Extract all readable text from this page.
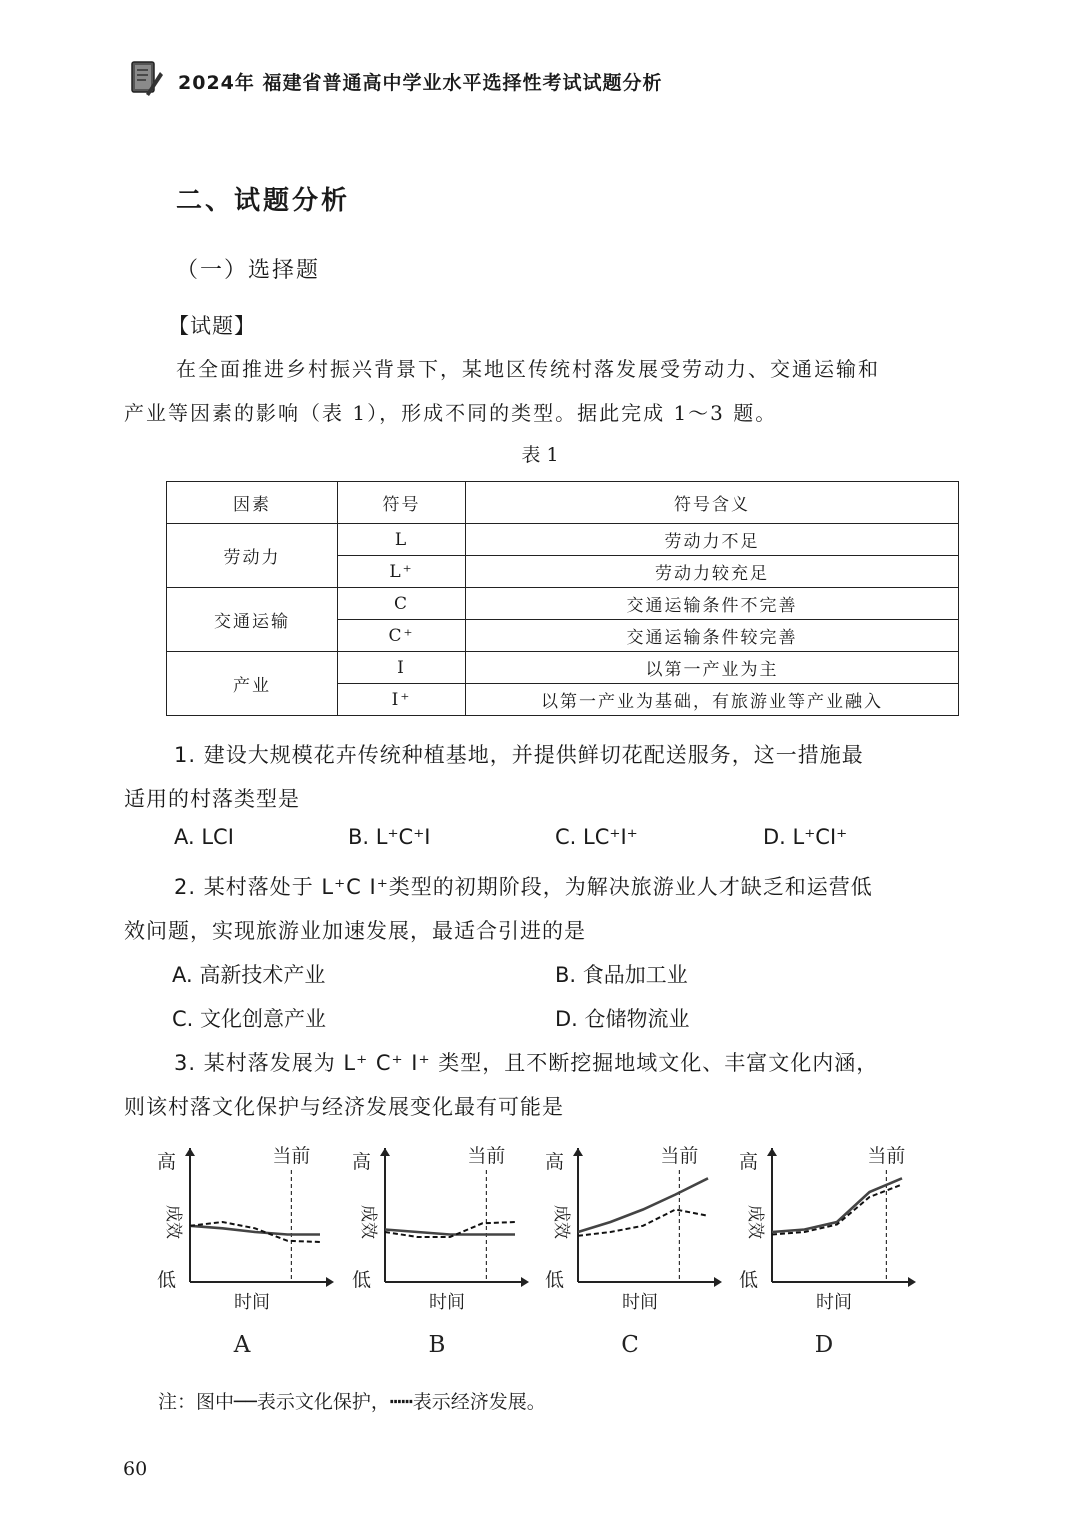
2024年 福建省普通高中学业水平选择性考试试题分析
二、试题分析
（一）选择题
【试题】
在全面推进乡村振兴背景下，某地区传统村落发展受劳动力、交通运输和
产业等因素的影响（表 1），形成不同的类型。据此完成 1～3 题。
表 1
因素	符号	符号含义
劳动力	L	劳动力不足
	L⁺	劳动力较充足
交通运输	C	交通运输条件不完善
	C⁺	交通运输条件较完善
产业	I	以第一产业为主
	I⁺	以第一产业为基础，有旅游业等产业融入
1. 建设大规模花卉传统种植基地，并提供鲜切花配送服务，这一措施最
适用的村落类型是
A. LCI	B. L⁺C⁺I	C. LC⁺I⁺	D. L⁺CI⁺
2. 某村落处于 L⁺C I⁺类型的初期阶段，为解决旅游业人才缺乏和运营低
效问题，实现旅游业加速发展，最适合引进的是
A. 高新技术产业	B. 食品加工业
C. 文化创意产业	D. 仓储物流业
3. 某村落发展为 L⁺ C⁺ I⁺ 类型，且不断挖掘地域文化、丰富文化内涵，
则该村落文化保护与经济发展变化最有可能是
当前
高
低
成效
时间
A
当前
高
低
成效
时间
B
当前
高
低
成效
时间
C
当前
高
低
成效
时间
D
注：图中──表示文化保护，┅┅表示经济发展。
60
